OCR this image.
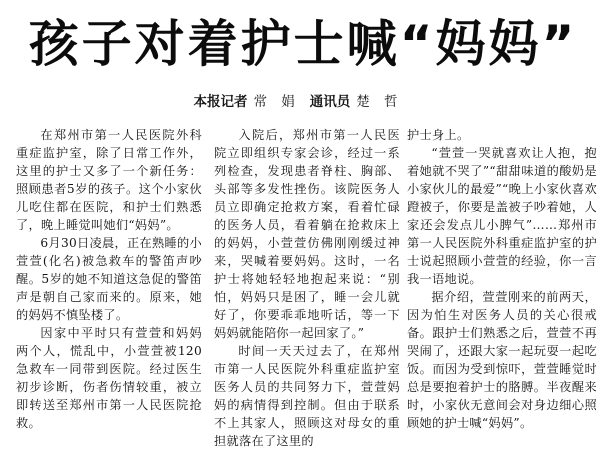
孩子对着护士喊“妈妈”
本报记者 常 娟 通讯员 楚 哲

在郑州市第一人民医院外科重症监护室，除了日常工作外，这里的护士又多了一个新任务：照顾患者5岁的孩子。这个小家伙儿吃住都在医院，和护士们熟悉了，晚上睡觉叫她们“妈妈”。

6月30日凌晨，正在熟睡的小萱萱(化名)被急救车的警笛声吵醒。5岁的她不知道这急促的警笛声是朝自己家而来的。原来，她的妈妈不慎坠楼了。

因家中平时只有萱萱和妈妈两个人，慌乱中，小萱萱被120急救车一同带到医院。经过医生初步诊断，伤者伤情较重，被立即转送至郑州市第一人民医院抢救。

入院后，郑州市第一人民医院立即组织专家会诊，经过一系列检查，发现患者脊柱、胸部、头部等多发性挫伤。该院医务人员立即确定抢救方案，看着忙碌的医务人员，看着躺在抢救床上的妈妈，小萱萱仿佛刚刚缓过神来，哭喊着要妈妈。这时，一名护士将她轻轻地抱起来说：“别怕，妈妈只是困了，睡一会儿就好了，你要乖乖地听话，等一下妈妈就能陪你一起回家了。”

时间一天天过去了，在郑州市第一人民医院外科重症监护室医务人员的共同努力下，萱萱妈妈的病情得到控制。但由于联系不上其家人，照顾这对母女的重担就落在了这里的

护士身上。

“萱萱一哭就喜欢让人抱，抱着她就不哭了”“甜甜味道的酸奶是小家伙儿的最爱”“晚上小家伙喜欢蹬被子，你要是盖被子吵着她，人家还会发点儿小脾气”……郑州市第一人民医院外科重症监护室的护士说起照顾小萱萱的经验，你一言我一语地说。

据介绍，萱萱刚来的前两天，因为怕生对医务人员的关心很戒备。跟护士们熟悉之后，萱萱不再哭闹了，还跟大家一起玩耍一起吃饭。而因为受到惊吓，萱萱睡觉时总是要抱着护士的胳膊。半夜醒来时，小家伙无意间会对身边细心照顾她的护士喊“妈妈”。
